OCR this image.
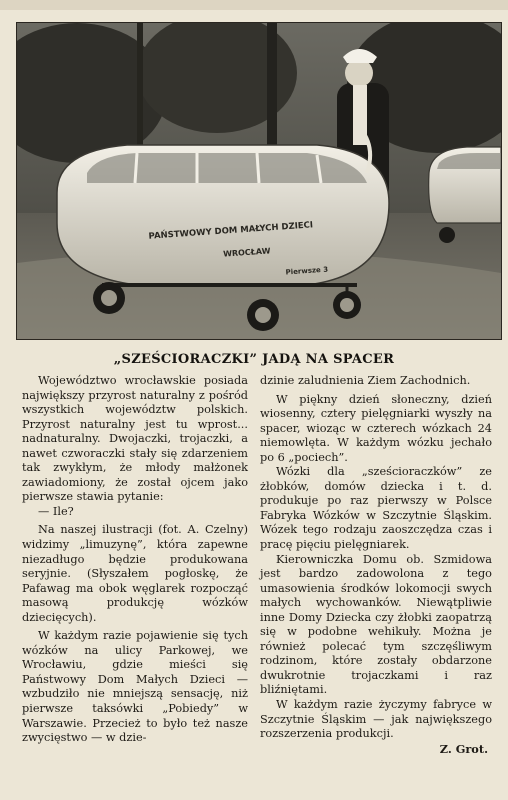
PAŃSTWOWY DOM MAŁYCH DZIECI
WROCŁAW
Pierwsze 3
„SZEŚCIORACZKI” JADĄ NA SPACER

Województwo wrocławskie posiada największy przyrost naturalny z pośród wszystkich województw polskich. Przyrost naturalny jest tu wprost... nadnaturalny. Dwojaczki, trojaczki, a nawet czworaczki stały się zdarzeniem tak zwykłym, że młody małżonek zawiadomiony, że został ojcem jako pierwsze stawia pytanie:

— Ile?

Na naszej ilustracji (fot. A. Czelny) widzimy „limuzynę”, która zapewne niezadługo będzie produkowana seryjnie. (Słyszałem pogłoskę, że Pafawag ma obok węglarek rozpocząć masową produkcję wózków dziecięcych).

W każdym razie pojawienie się tych wózków na ulicy Parkowej, we Wrocławiu, gdzie mieści się Państwowy Dom Małych Dzieci — wzbudziło nie mniejszą sensację, niż pierwsze taksówki „Pobiedy” w Warszawie. Przecież to było też nasze zwycięstwo — w dzie-

dzinie zaludnienia Ziem Zachodnich.

W piękny dzień słoneczny, dzień wiosenny, cztery pielęgniarki wyszły na spacer, wioząc w czterech wózkach 24 niemowlęta. W każdym wózku jechało po 6 „pociech”.

Wózki dla „sześcioraczków” ze żłobków, domów dziecka i t. d. produkuje po raz pierwszy w Polsce Fabryka Wózków w Szczytnie Śląskim. Wózek tego rodzaju zaoszczędza czas i pracę pięciu pielęgniarek.

Kierowniczka Domu ob. Szmidowa jest bardzo zadowolona z tego umasowienia środków lokomocji swych małych wychowanków. Niewątpliwie inne Domy Dziecka czy żłobki zaopatrzą się w podobne wehikuły. Można je również polecać tym szczęśliwym rodzinom, które zostały obdarzone dwukrotnie trojaczkami i raz bliźniętami.

W każdym razie życzymy fabryce w Szczytnie Śląskim — jak największego rozszerzenia produkcji.

Z. Grot.
